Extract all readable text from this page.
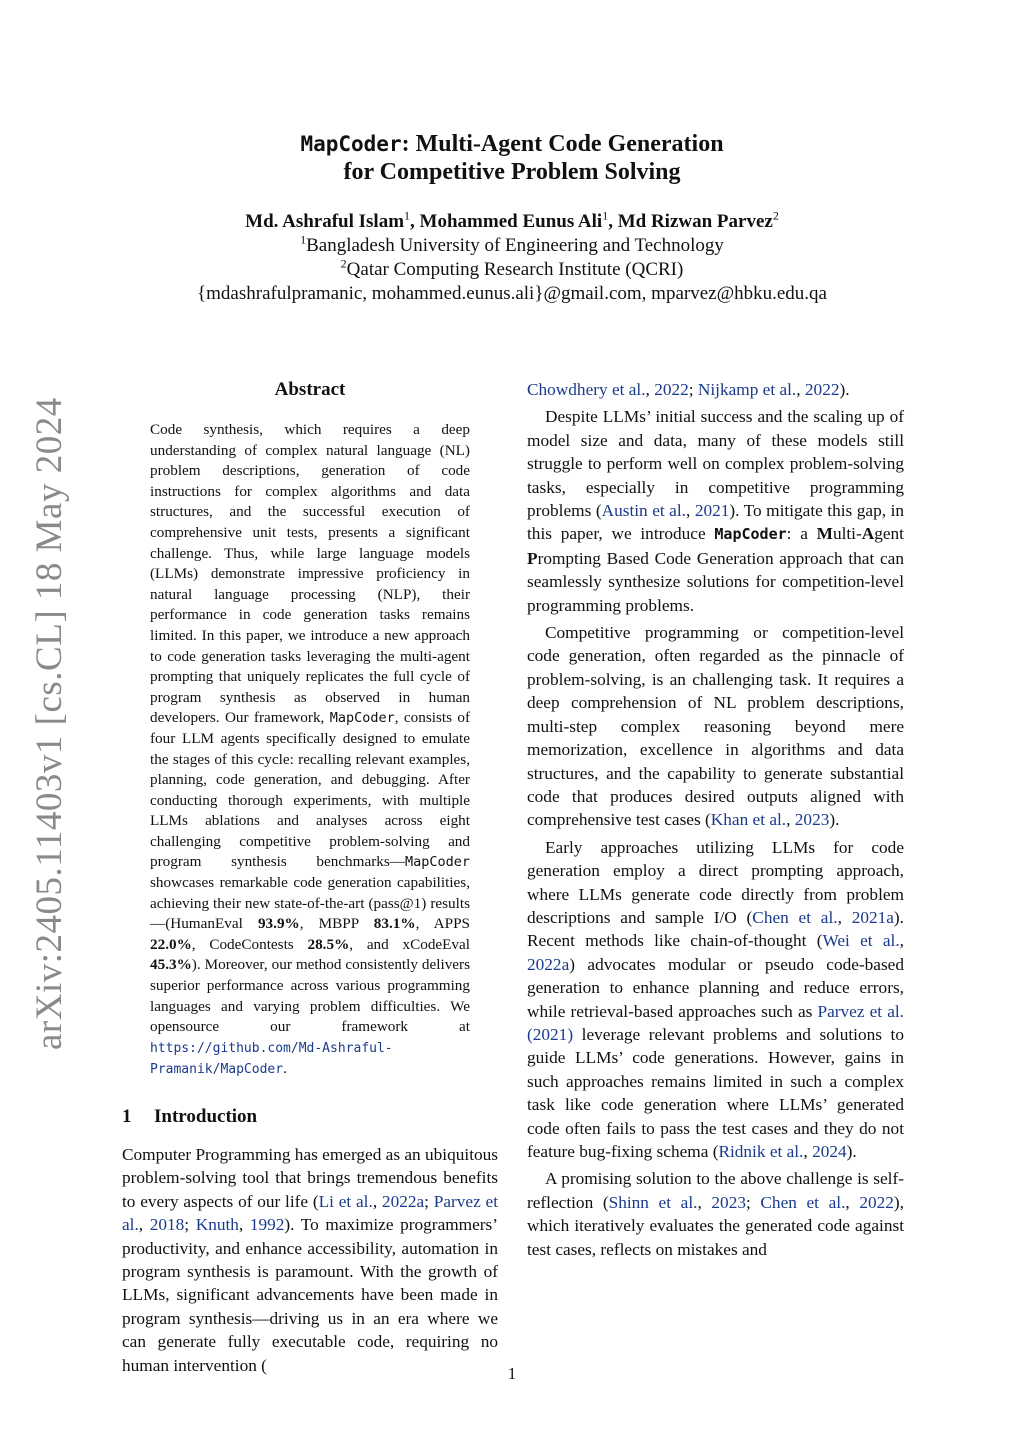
arXiv:2405.11403v1 [cs.CL] 18 May 2024
MapCoder: Multi-Agent Code Generation
for Competitive Problem Solving
Md. Ashraful Islam$^1$, Mohammed Eunus Ali$^1$, Md Rizwan Parvez$^2$
$^1$Bangladesh University of Engineering and Technology
$^2$Qatar Computing Research Institute (QCRI)
{mdashrafulpramanic, mohammed.eunus.ali}@gmail.com, mparvez@hbku.edu.qa
Abstract

Code synthesis, which requires a deep understanding of complex natural language (NL) problem descriptions, generation of code instructions for complex algorithms and data structures, and the successful execution of comprehensive unit tests, presents a significant challenge. Thus, while large language models (LLMs) demonstrate impressive proficiency in natural language processing (NLP), their performance in code generation tasks remains limited. In this paper, we introduce a new approach to code generation tasks leveraging the multi-agent prompting that uniquely replicates the full cycle of program synthesis as observed in human developers. Our framework, MapCoder, consists of four LLM agents specifically designed to emulate the stages of this cycle: recalling relevant examples, planning, code generation, and debugging. After conducting thorough experiments, with multiple LLMs ablations and analyses across eight challenging competitive problem-solving and program synthesis benchmarks—MapCoder showcases remarkable code generation capabilities, achieving their new state-of-the-art (pass@1) results—(HumanEval 93.9%, MBPP 83.1%, APPS 22.0%, CodeContests 28.5%, and xCodeEval 45.3%). Moreover, our method consistently delivers superior performance across various programming languages and varying problem difficulties. We opensource our framework at https://github.com/Md-Ashraful-Pramanik/MapCoder.

1 Introduction

Computer Programming has emerged as an ubiquitous problem-solving tool that brings tremendous benefits to every aspects of our life (Li et al., 2022a; Parvez et al., 2018; Knuth, 1992). To maximize programmers’ productivity, and enhance accessibility, automation in program synthesis is paramount. With the growth of LLMs, significant advancements have been made in program synthesis—driving us in an era where we can generate fully executable code, requiring no human intervention (

Chowdhery et al., 2022; Nijkamp et al., 2022).

Despite LLMs’ initial success and the scaling up of model size and data, many of these models still struggle to perform well on complex problem-solving tasks, especially in competitive programming problems (Austin et al., 2021). To mitigate this gap, in this paper, we introduce MapCoder: a Multi-Agent Prompting Based Code Generation approach that can seamlessly synthesize solutions for competition-level programming problems.

Competitive programming or competition-level code generation, often regarded as the pinnacle of problem-solving, is an challenging task. It requires a deep comprehension of NL problem descriptions, multi-step complex reasoning beyond mere memorization, excellence in algorithms and data structures, and the capability to generate substantial code that produces desired outputs aligned with comprehensive test cases (Khan et al., 2023).

Early approaches utilizing LLMs for code generation employ a direct prompting approach, where LLMs generate code directly from problem descriptions and sample I/O (Chen et al., 2021a). Recent methods like chain-of-thought (Wei et al., 2022a) advocates modular or pseudo code-based generation to enhance planning and reduce errors, while retrieval-based approaches such as Parvez et al. (2021) leverage relevant problems and solutions to guide LLMs’ code generations. However, gains in such approaches remains limited in such a complex task like code generation where LLMs’ generated code often fails to pass the test cases and they do not feature bug-fixing schema (Ridnik et al., 2024).

A promising solution to the above challenge is self-reflection (Shinn et al., 2023; Chen et al., 2022), which iteratively evaluates the generated code against test cases, reflects on mistakes and

1
